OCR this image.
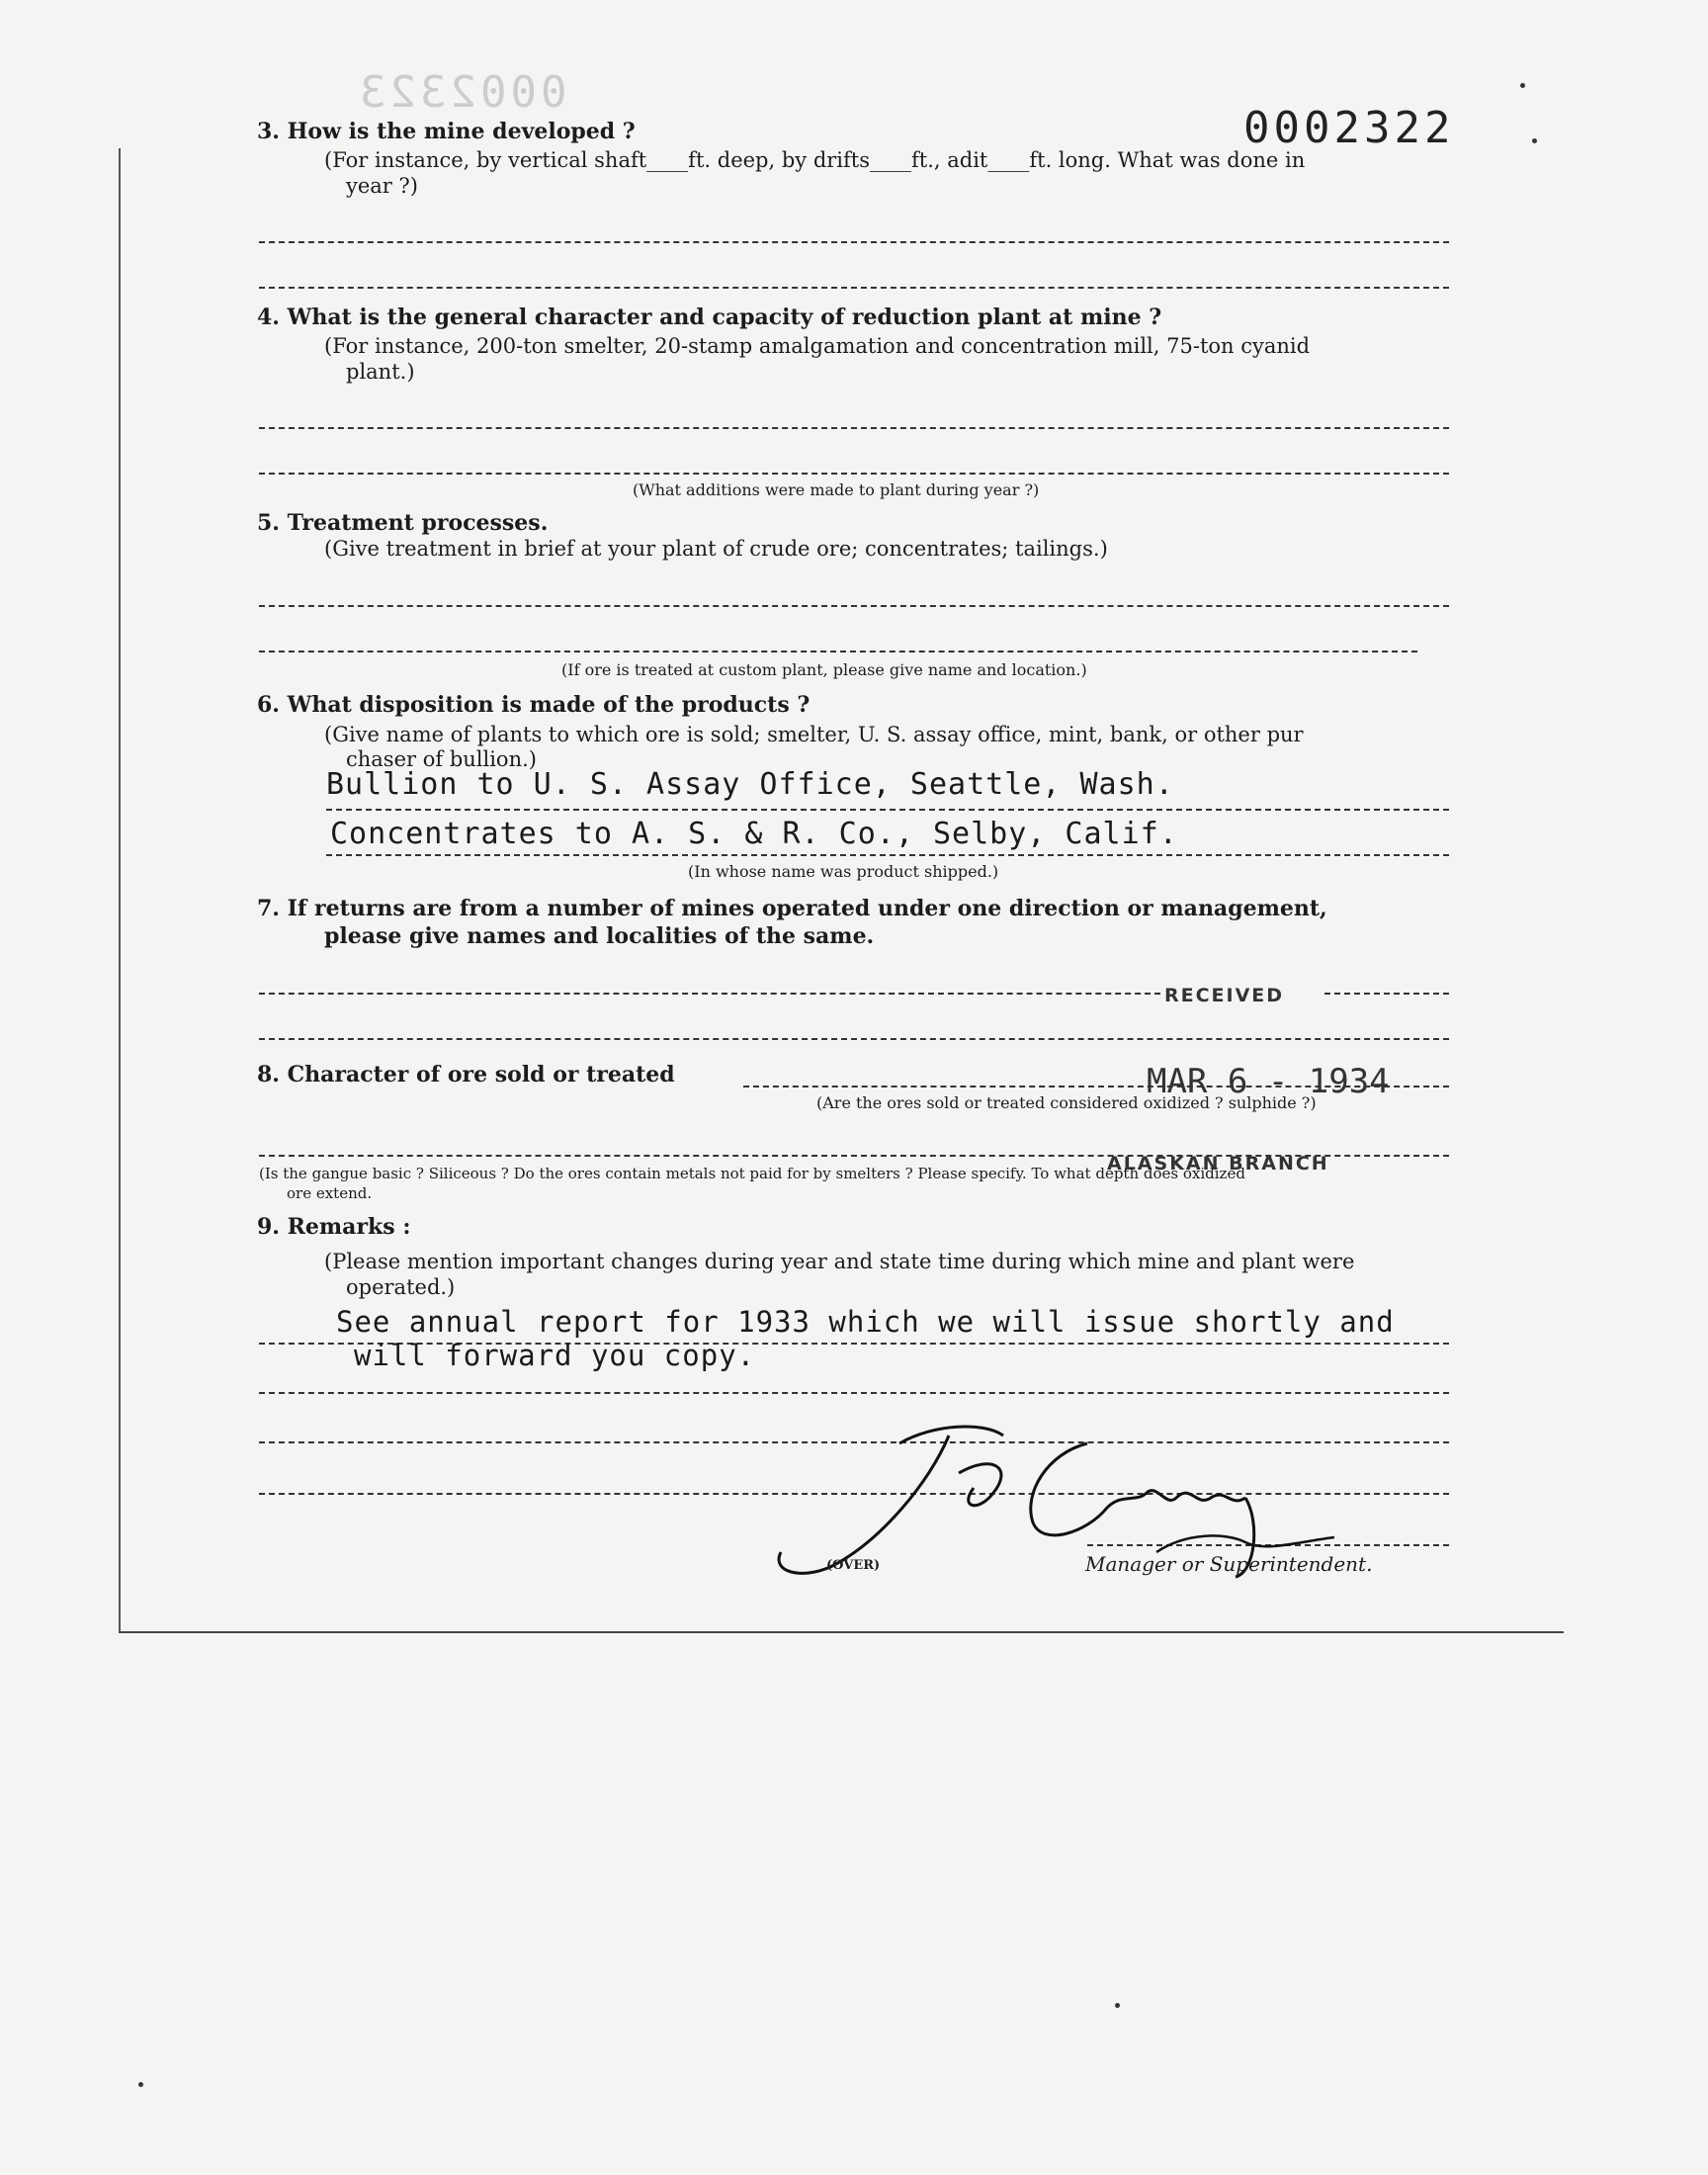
0002323
0002322
3. How is the mine developed ?
(For instance, by vertical shaft____ft. deep, by drifts____ft., adit____ft. long. What was done in
year ?)
4. What is the general character and capacity of reduction plant at mine ?
(For instance, 200-ton smelter, 20-stamp amalgamation and concentration mill, 75-ton cyanid
plant.)
(What additions were made to plant during year ?)
5. Treatment processes.
(Give treatment in brief at your plant of crude ore; concentrates; tailings.)
(If ore is treated at custom plant, please give name and location.)
6. What disposition is made of the products ?
(Give name of plants to which ore is sold; smelter, U. S. assay office, mint, bank, or other pur
chaser of bullion.)
Bullion to U. S. Assay Office, Seattle, Wash.
Concentrates to A. S. & R. Co., Selby, Calif.
(In whose name was product shipped.)
7. If returns are from a number of mines operated under one direction or management,
please give names and localities of the same.
RECEIVED
MAR 6 - 1934
ALASKAN BRANCH
8. Character of ore sold or treated
(Are the ores sold or treated considered oxidized ? sulphide ?)
(Is the gangue basic ? Siliceous ? Do the ores contain metals not paid for by smelters ? Please specify. To what depth does oxidized
ore extend.
9. Remarks :
(Please mention important changes during year and state time during which mine and plant were
operated.)
See annual report for 1933 which we will issue shortly and
will forward you copy.
(OVER)	Manager or Superintendent.
